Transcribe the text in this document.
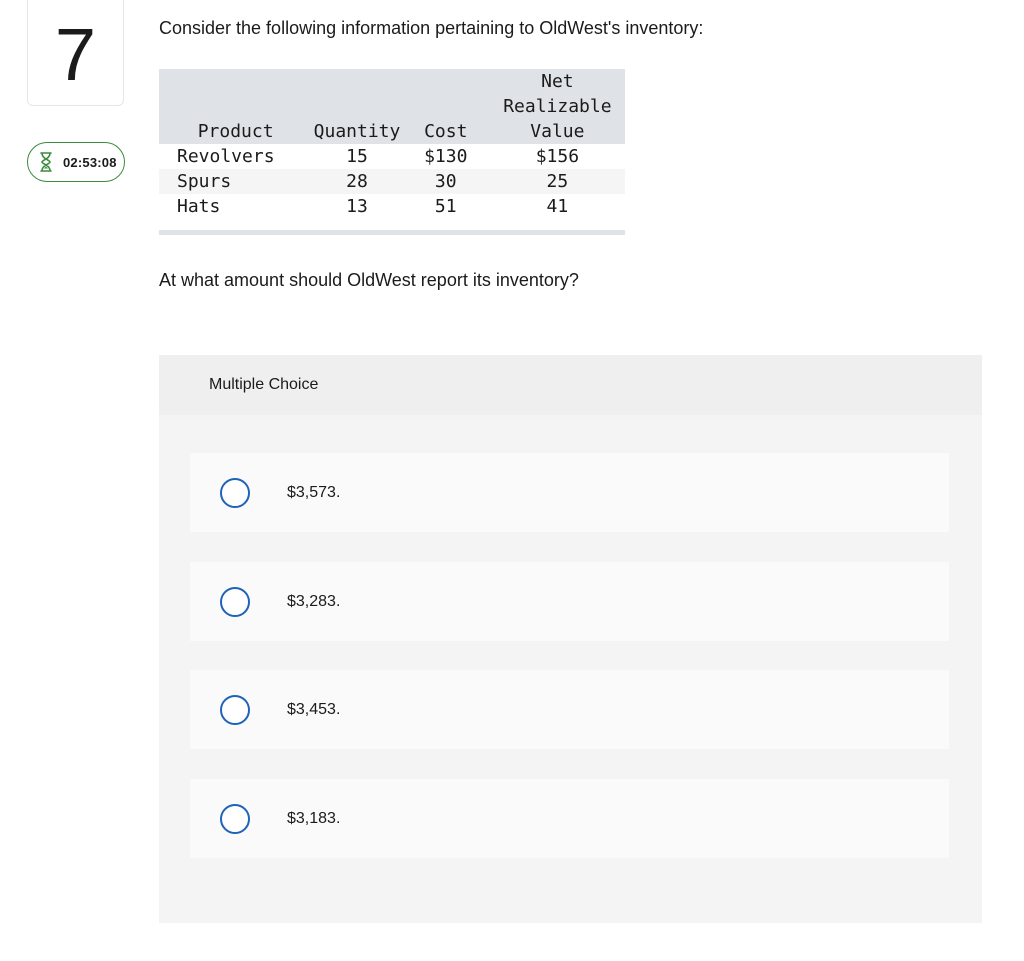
7
02:53:08

Consider the following information pertaining to OldWest's inventory:

Product	Quantity	Cost	Net
Realizable
Value

Revolvers	15	$130	$156
Spurs	28	30	25
Hats	13	51	41

At what amount should OldWest report its inventory?

Multiple Choice
$3,573.
$3,283.
$3,453.
$3,183.
